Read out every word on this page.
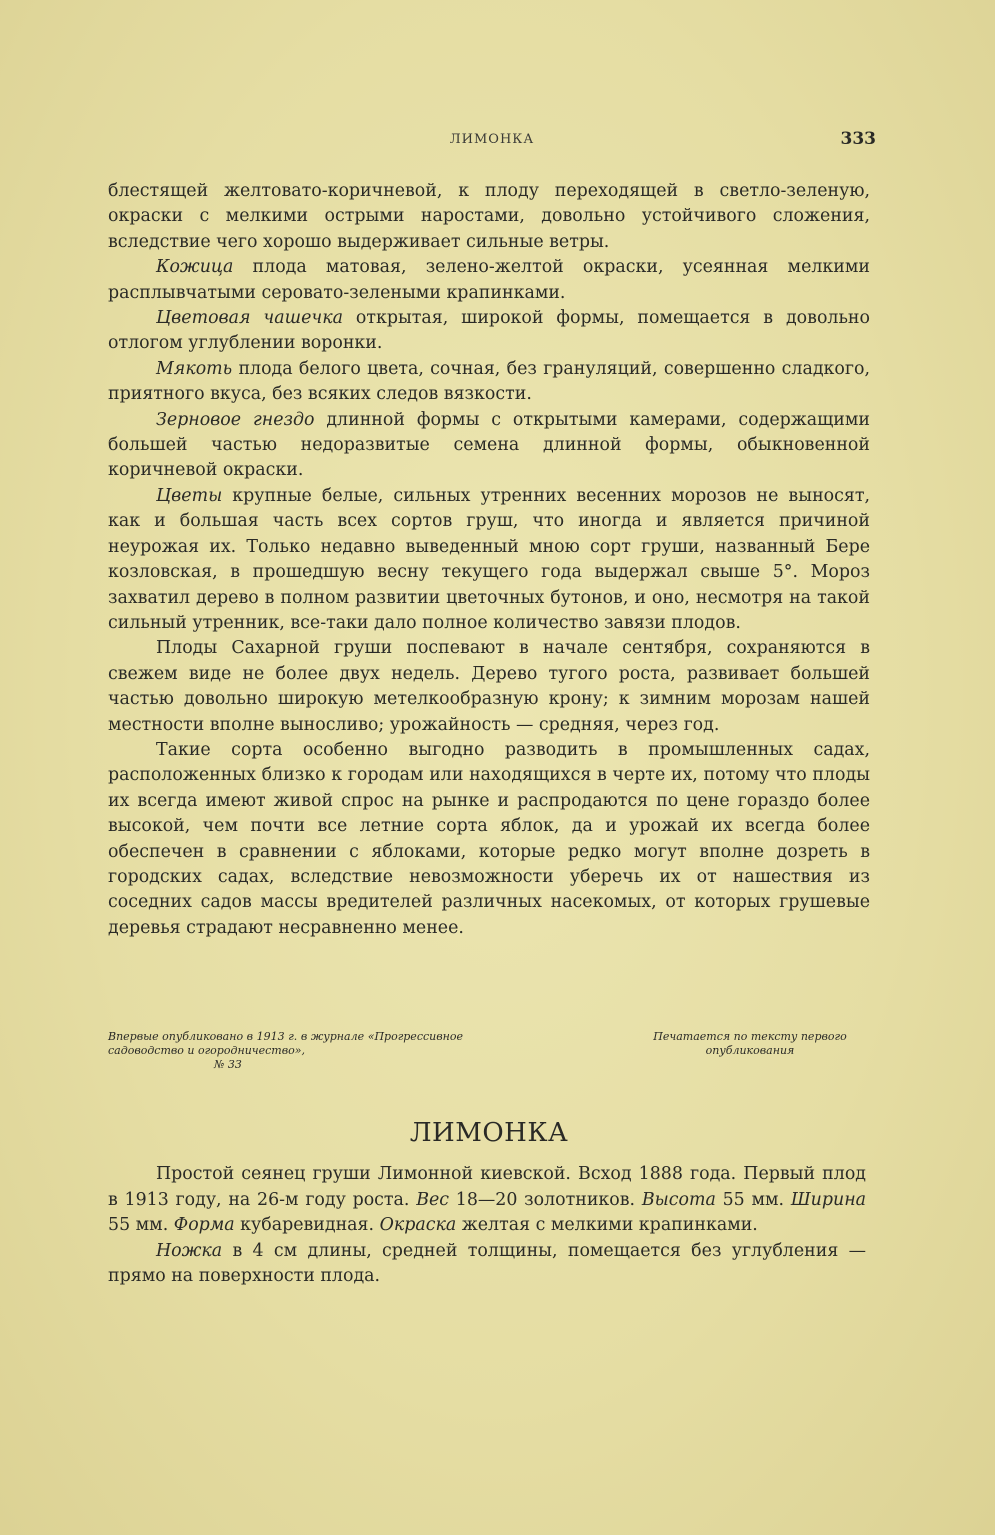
ЛИМОНКА	333

блестящей желтовато-коричневой, к плоду переходящей в светло-зеленую, окраски с мелкими острыми наростами, довольно устойчивого сложения, вследствие чего хорошо выдерживает сильные ветры.

Кожица плода матовая, зелено-желтой окраски, усеянная мелкими расплывчатыми серовато-зелеными крапинками.

Цветовая чашечка открытая, широкой формы, помещается в довольно отлогом углублении воронки.

Мякоть плода белого цвета, сочная, без грануляций, совершенно сладкого, приятного вкуса, без всяких следов вязкости.

Зерновое гнездо длинной формы с открытыми камерами, содержащими большей частью недоразвитые семена длинной формы, обыкновенной коричневой окраски.

Цветы крупные белые, сильных утренних весенних морозов не выносят, как и большая часть всех сортов груш, что иногда и является причиной неурожая их. Только недавно выведенный мною сорт груши, названный Бере козловская, в прошедшую весну текущего года выдержал свыше 5°. Мороз захватил дерево в полном развитии цветочных бутонов, и оно, несмотря на такой сильный утренник, все-таки дало полное количество завязи плодов.

Плоды Сахарной груши поспевают в начале сентября, сохраняются в свежем виде не более двух недель. Дерево тугого роста, развивает большей частью довольно широкую метелкообразную крону; к зимним морозам нашей местности вполне выносливо; урожайность — средняя, через год.

Такие сорта особенно выгодно разводить в промышленных садах, расположенных близко к городам или находящихся в черте их, потому что плоды их всегда имеют живой спрос на рынке и распродаются по цене гораздо более высокой, чем почти все летние сорта яблок, да и урожай их всегда более обеспечен в сравнении с яблоками, которые редко могут вполне дозреть в городских садах, вследствие невозможности уберечь их от нашествия из соседних садов массы вредителей различных насекомых, от которых грушевые деревья страдают несравненно менее.

Впервые опубликовано в 1913 г. в журнале «Прогрессивное садоводство и огородничество»,
№ 33
Печатается по тексту первого опубликования
ЛИМОНКА

Простой сеянец груши Лимонной киевской. Всход 1888 года. Первый плод в 1913 году, на 26-м году роста. Вес 18—20 золотников. Высота 55 мм. Ширина 55 мм. Форма кубаревидная. Окраска желтая с мелкими крапинками.

Ножка в 4 см длины, средней толщины, помещается без углубления — прямо на поверхности плода.
